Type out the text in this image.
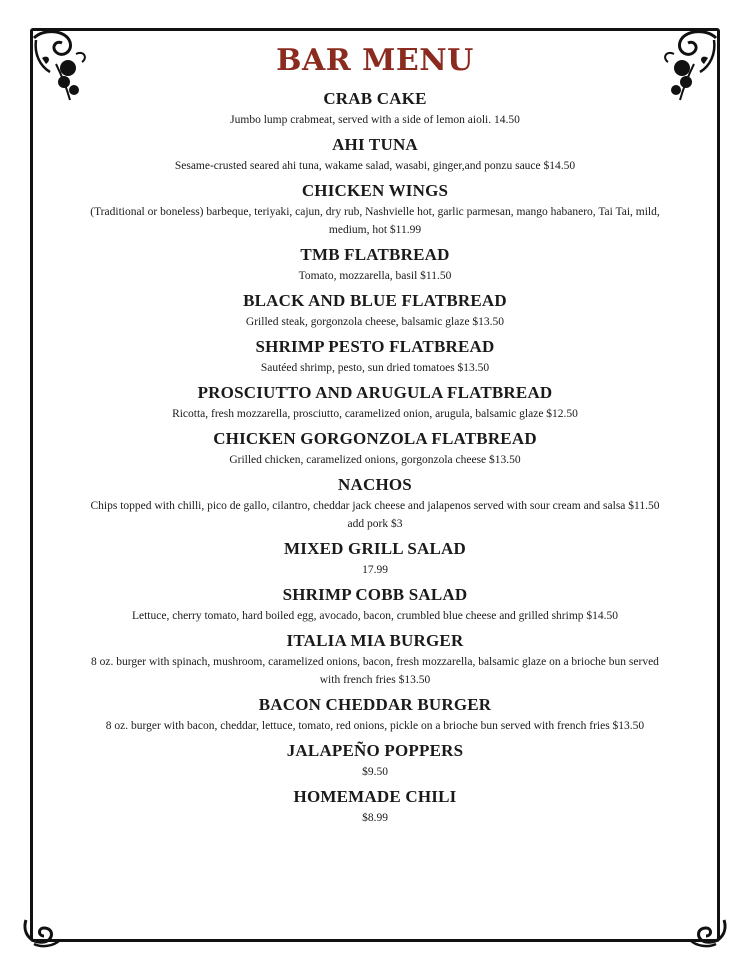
BAR MENU
CRAB CAKE
Jumbo lump crabmeat, served with a side of lemon aioli. 14.50
AHI TUNA
Sesame-crusted seared ahi tuna, wakame salad, wasabi, ginger,and ponzu sauce $14.50
CHICKEN WINGS
(Traditional or boneless) barbeque, teriyaki, cajun, dry rub, Nashvielle hot, garlic parmesan, mango habanero, Tai Tai, mild, medium, hot $11.99
TMB FLATBREAD
Tomato, mozzarella, basil $11.50
BLACK AND BLUE FLATBREAD
Grilled steak, gorgonzola cheese, balsamic glaze $13.50
SHRIMP PESTO FLATBREAD
Sautéed shrimp, pesto, sun dried tomatoes $13.50
PROSCIUTTO AND ARUGULA FLATBREAD
Ricotta, fresh mozzarella, prosciutto, caramelized onion, arugula, balsamic glaze $12.50
CHICKEN GORGONZOLA FLATBREAD
Grilled chicken, caramelized onions, gorgonzola cheese $13.50
NACHOS
Chips topped with chilli, pico de gallo, cilantro, cheddar jack cheese and jalapenos served with sour cream and salsa $11.50 add pork $3
MIXED GRILL SALAD
17.99
SHRIMP COBB SALAD
Lettuce, cherry tomato, hard boiled egg, avocado, bacon, crumbled blue cheese and grilled shrimp $14.50
ITALIA MIA BURGER
8 oz. burger with spinach, mushroom, caramelized onions, bacon, fresh mozzarella, balsamic glaze on a brioche bun served with french fries $13.50
BACON CHEDDAR BURGER
8 oz. burger with bacon, cheddar, lettuce, tomato, red onions, pickle on a brioche bun served with french fries $13.50
JALAPEÑO POPPERS
$9.50
HOMEMADE CHILI
$8.99
